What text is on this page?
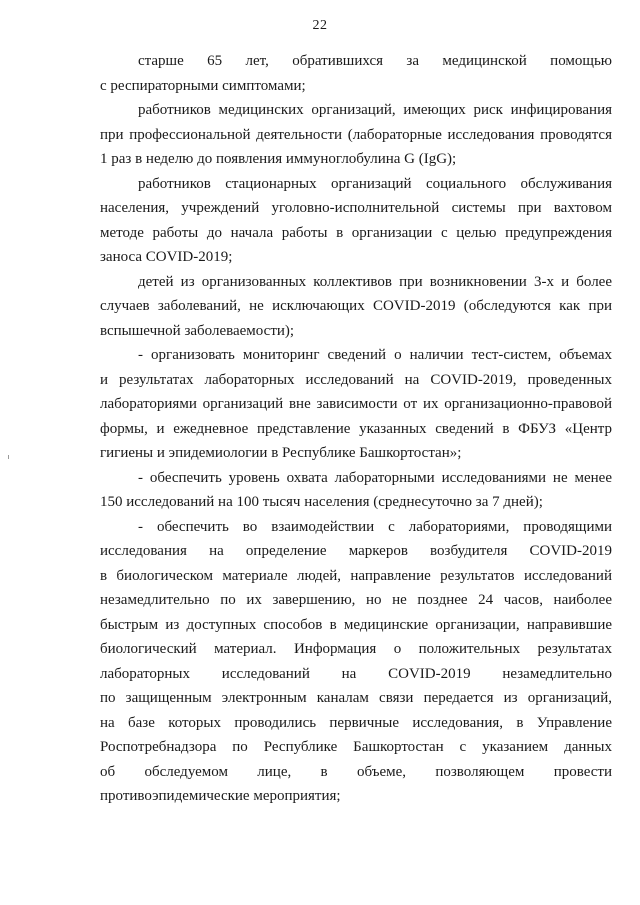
22

старше 65 лет, обратившихся за медицинской помощью
с респираторными симптомами;

работников медицинских организаций, имеющих риск инфицирования
при профессиональной деятельности (лабораторные исследования проводятся
1 раз в неделю до появления иммуноглобулина G (IgG);

работников стационарных организаций социального обслуживания
населения, учреждений уголовно-исполнительной системы при вахтовом
методе работы до начала работы в организации с целью предупреждения
заноса COVID-2019;

детей из организованных коллективов при возникновении 3-х и более
случаев заболеваний, не исключающих COVID-2019 (обследуются как при
вспышечной заболеваемости);

- организовать мониторинг сведений о наличии тест-систем, объемах
и результатах лабораторных исследований на COVID-2019, проведенных
лабораториями организаций вне зависимости от их организационно-правовой
формы, и ежедневное представление указанных сведений в ФБУЗ «Центр
гигиены и эпидемиологии в Республике Башкортостан»;

- обеспечить уровень охвата лабораторными исследованиями не менее
150 исследований на 100 тысяч населения (среднесуточно за 7 дней);

- обеспечить во взаимодействии с лабораториями, проводящими
исследования на определение маркеров возбудителя COVID-2019
в биологическом материале людей, направление результатов исследований
незамедлительно по их завершению, но не позднее 24 часов, наиболее
быстрым из доступных способов в медицинские организации, направившие
биологический материал. Информация о положительных результатах
лабораторных исследований на COVID-2019 незамедлительно
по защищенным электронным каналам связи передается из организаций,
на базе которых проводились первичные исследования, в Управление
Роспотребнадзора по Республике Башкортостан с указанием данных
об обследуемом лице, в объеме, позволяющем провести
противоэпидемические мероприятия;
